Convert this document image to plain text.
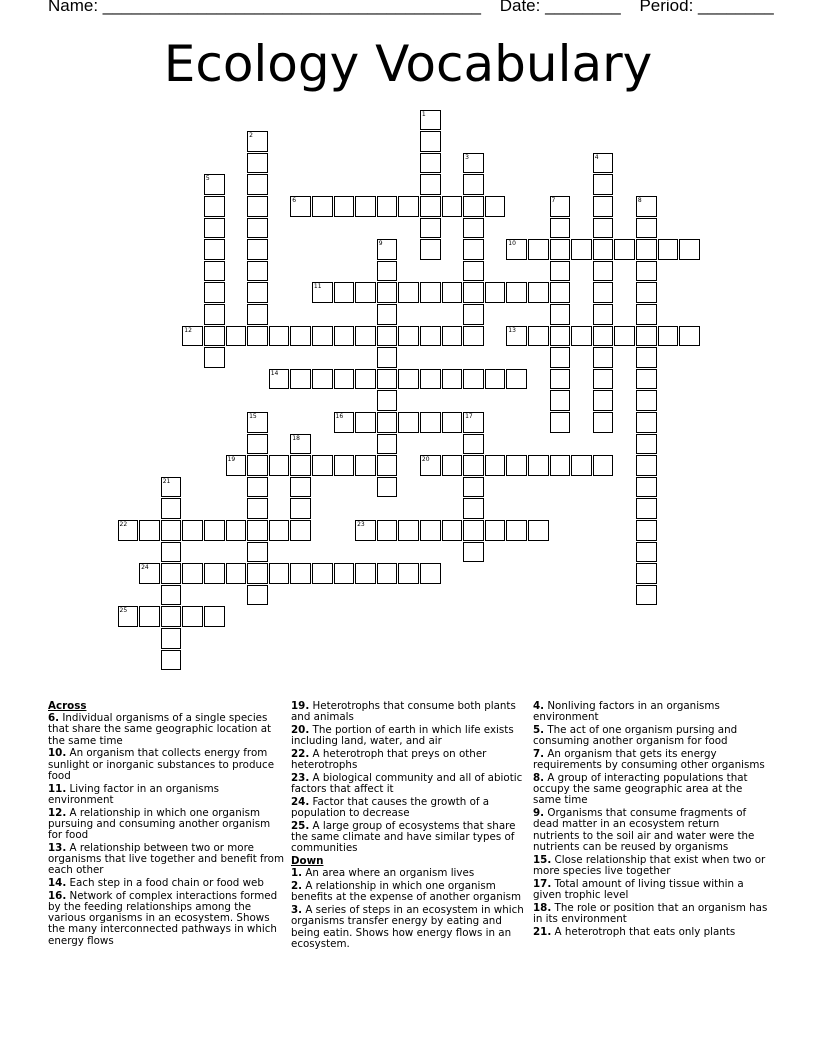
Name: ________________________________________ Date: ________ Period: ________
Ecology Vocabulary
1
2
3	4
5
6	7	8
9	10
11
12	13
14
15	16	17
18
19	20
21
22	23
24
25
Across
6. Individual organisms of a single species that share the same geographic location at the same time
10. An organism that collects energy from sunlight or inorganic substances to produce food
11. Living factor in an organisms environment
12. A relationship in which one organism pursuing and consuming another organism for food
13. A relationship between two or more organisms that live together and benefit from each other
14. Each step in a food chain or food web
16. Network of complex interactions formed by the feeding relationships among the various organisms in an ecosystem. Shows the many interconnected pathways in which energy flows
19. Heterotrophs that consume both plants and animals
20. The portion of earth in which life exists including land, water, and air
22. A heterotroph that preys on other heterotrophs
23. A biological community and all of abiotic factors that affect it
24. Factor that causes the growth of a population to decrease
25. A large group of ecosystems that share the same climate and have similar types of communities
Down
1. An area where an organism lives
2. A relationship in which one organism benefits at the expense of another organism
3. A series of steps in an ecosystem in which organisms transfer energy by eating and being eatin. Shows how energy flows in an ecosystem.
4. Nonliving factors in an organisms environment
5. The act of one organism pursing and consuming another organism for food
7. An organism that gets its energy requirements by consuming other organisms
8. A group of interacting populations that occupy the same geographic area at the same time
9. Organisms that consume fragments of dead matter in an ecosystem return nutrients to the soil air and water were the nutrients can be reused by organisms
15. Close relationship that exist when two or more species live together
17. Total amount of living tissue within a given trophic level
18. The role or position that an organism has in its environment
21. A heterotroph that eats only plants
